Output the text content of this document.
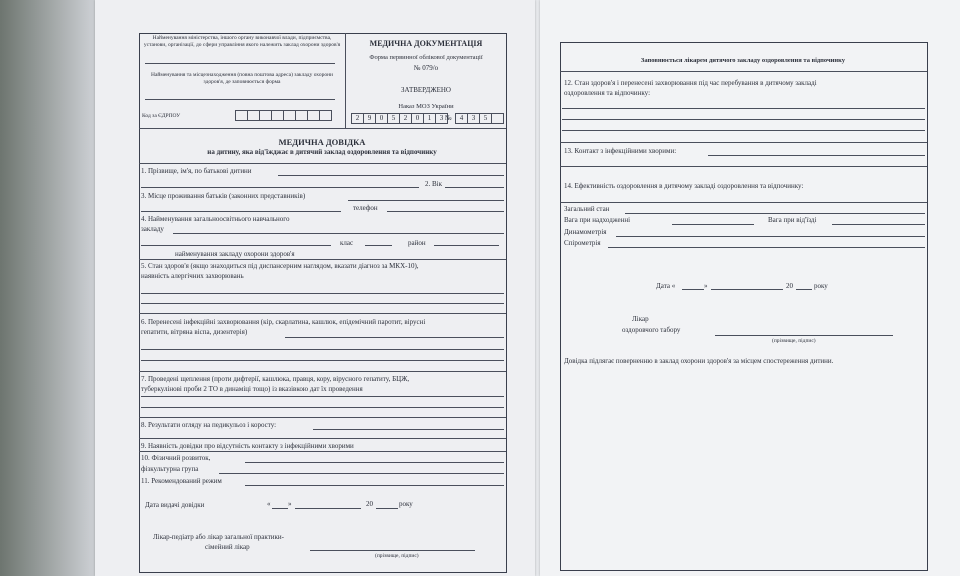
Найменування міністерства, іншого органу виконавчої влади, підприємства, установи, організації, до сфери управління якого належить заклад охорони здоров'я
Найменування та місцезнаходження (повна поштова адреса) закладу охорони здоров'я, де заповнюється форма
Код за ЄДРПОУ
МЕДИЧНА ДОКУМЕНТАЦІЯ
Форма первинної облікової документації
№ 079/о
ЗАТВЕРДЖЕНО
Наказ МОЗ України
2	9	0	5	2	0	1	3 №	4	3	5
МЕДИЧНА ДОВІДКА
на дитину, яка від'їжджає в дитячий заклад оздоровлення та відпочинку
1. Прізвище, ім'я, по батькові дитини
2. Вік
3. Місце проживання батьків (законних представників)
телефон
4. Найменування загальноосвітнього навчального
закладу
клас	район
найменування закладу охорони здоров'я
5. Стан здоров'я (якщо знаходиться під диспансерним наглядом, вказати діагноз за МКХ-10),
наявність алергічних захворювань
6. Перенесені інфекційні захворювання (кір, скарлатина, кашлюк, епідемічний паротит, вірусні
гепатити, вітряна віспа, дизентерія)
7. Проведені щеплення (проти дифтерії, кашлюка, правця, кору, вірусного гепатиту, БЦЖ,
туберкулінові проби 2 ТО в динаміці тощо) із вказівкою дат їх проведення
8. Результати огляду на педикульоз і коросту:
9. Наявність довідки про відсутність контакту з інфекційними хворими
10. Фізичний розвиток,
фізкультурна група
11. Рекомендований режим
Дата видачі довідки	«	»	20	року
Лікар-педіатр або лікар загальної практики-
сімейний лікар
(прізвище, підпис)
Заповнюється лікарем дитячого закладу оздоровлення та відпочинку
12. Стан здоров'я і перенесені захворювання під час перебування в дитячому закладі
оздоровлення та відпочинку:
13. Контакт з інфекційними хворими:
14. Ефективність оздоровлення в дитячому закладі оздоровлення та відпочинку:
Загальний стан
Вага при надходженні	Вага при від'їзді
Динамометрія
Спірометрія
Дата «	»	20	року
Лікар
оздоровчого табору
(прізвище, підпис)
Довідка підлягає поверненню в заклад охорони здоров'я за місцем спостереження дитини.
